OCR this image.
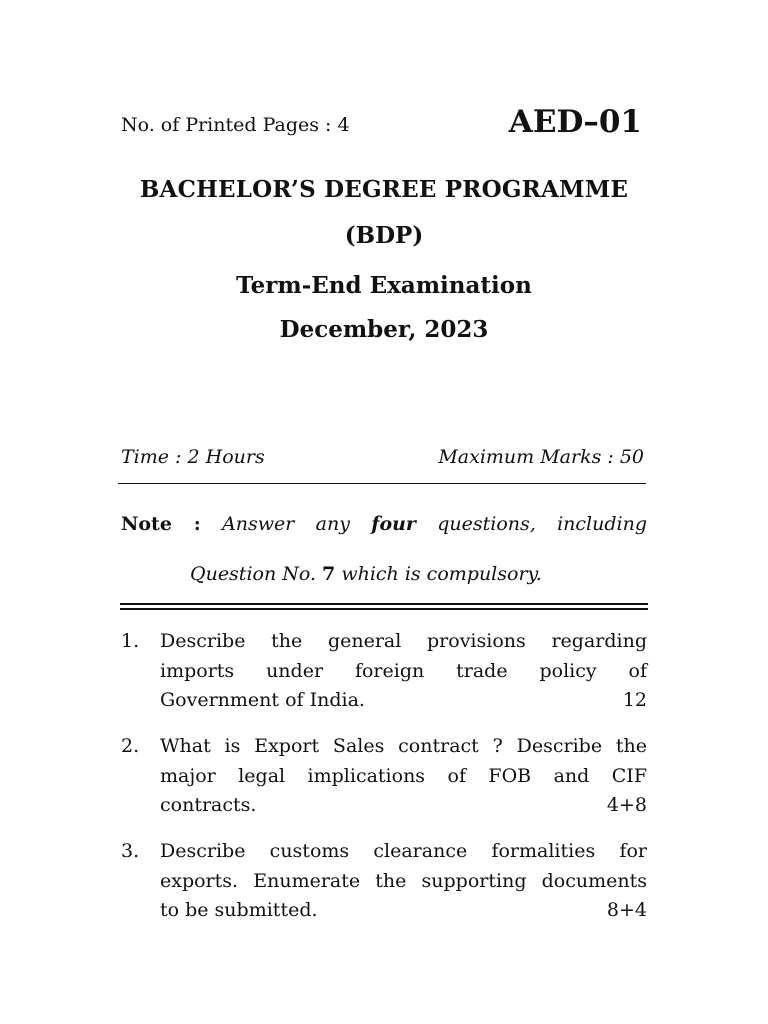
No. of Printed Pages : 4	AED–01
BACHELOR’S DEGREE PROGRAMME
(BDP)
Term-End Examination
December, 2023
Time : 2 Hours	Maximum Marks : 50
Note : Answer any four questions, including
Question No. 7 which is compulsory.
1. Describe the general provisions regarding imports under foreign trade policy of
Government of India.	12
2. What is Export Sales contract ? Describe the major legal implications of FOB and CIF
contracts.	4+8
3. Describe customs clearance formalities for exports. Enumerate the supporting documents
to be submitted.	8+4
